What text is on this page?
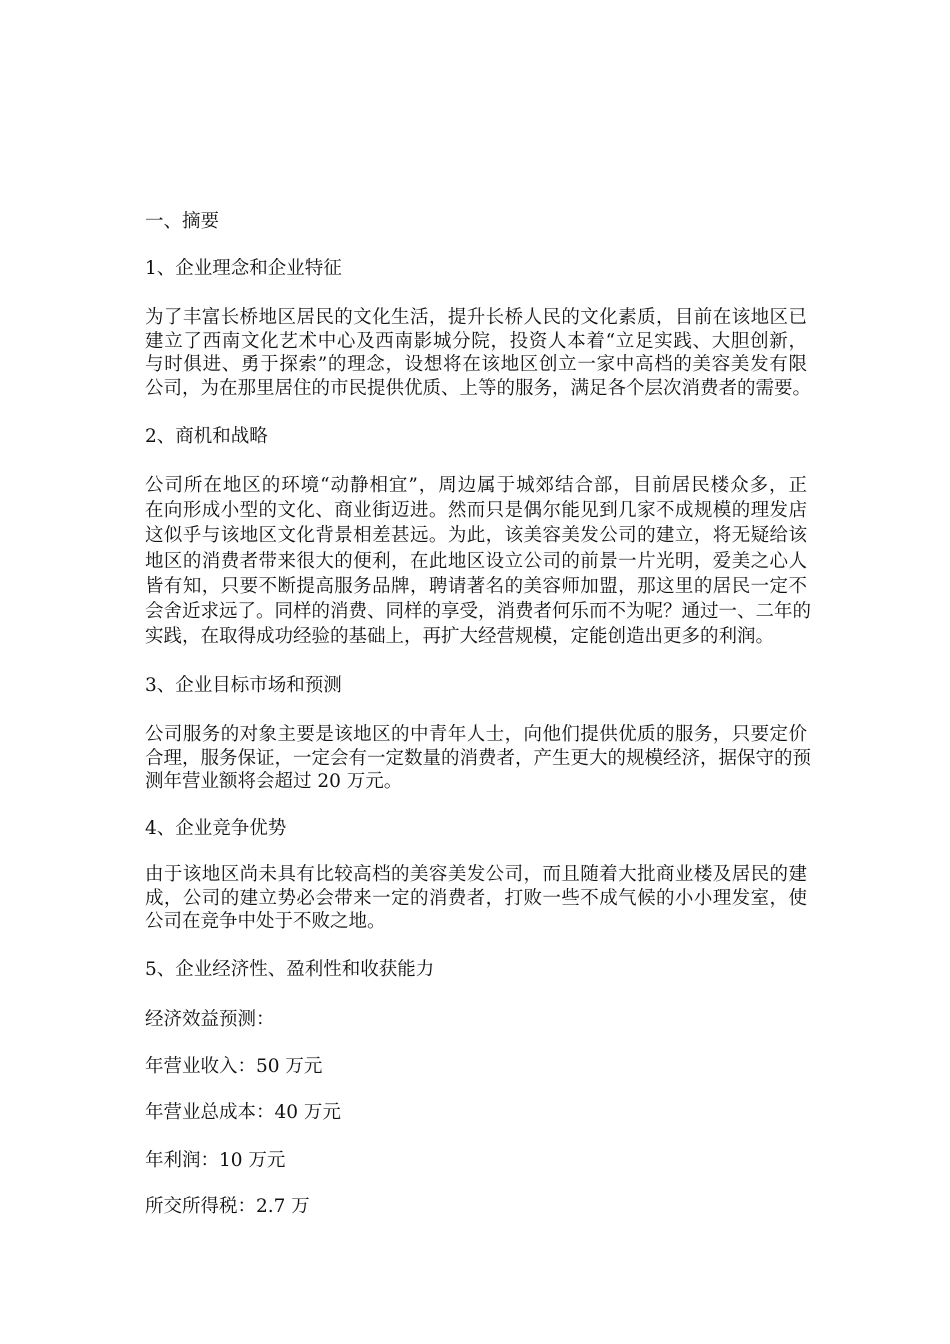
一、摘要
1、企业理念和企业特征
为了丰富长桥地区居民的文化生活，提升长桥人民的文化素质，目前在该地区已
建立了西南文化艺术中心及西南影城分院，投资人本着“立足实践、大胆创新，
与时俱进、勇于探索”的理念，设想将在该地区创立一家中高档的美容美发有限
公司，为在那里居住的市民提供优质、上等的服务，满足各个层次消费者的需要。
2、商机和战略
公司所在地区的环境“动静相宜”，周边属于城郊结合部，目前居民楼众多，正
在向形成小型的文化、商业街迈进。然而只是偶尔能见到几家不成规模的理发店
这似乎与该地区文化背景相差甚远。为此，该美容美发公司的建立，将无疑给该
地区的消费者带来很大的便利，在此地区设立公司的前景一片光明，爱美之心人
皆有知，只要不断提高服务品牌，聘请著名的美容师加盟，那这里的居民一定不
会舍近求远了。同样的消费、同样的享受，消费者何乐而不为呢？通过一、二年的
实践，在取得成功经验的基础上，再扩大经营规模，定能创造出更多的利润。
3、企业目标市场和预测
公司服务的对象主要是该地区的中青年人士，向他们提供优质的服务，只要定价
合理，服务保证，一定会有一定数量的消费者，产生更大的规模经济，据保守的预
测年营业额将会超过 20 万元。
4、企业竞争优势
由于该地区尚未具有比较高档的美容美发公司，而且随着大批商业楼及居民的建
成，公司的建立势必会带来一定的消费者，打败一些不成气候的小小理发室，使
公司在竞争中处于不败之地。
5、企业经济性、盈利性和收获能力
经济效益预测：
年营业收入：50 万元
年营业总成本：40 万元
年利润：10 万元
所交所得税：2.7 万
